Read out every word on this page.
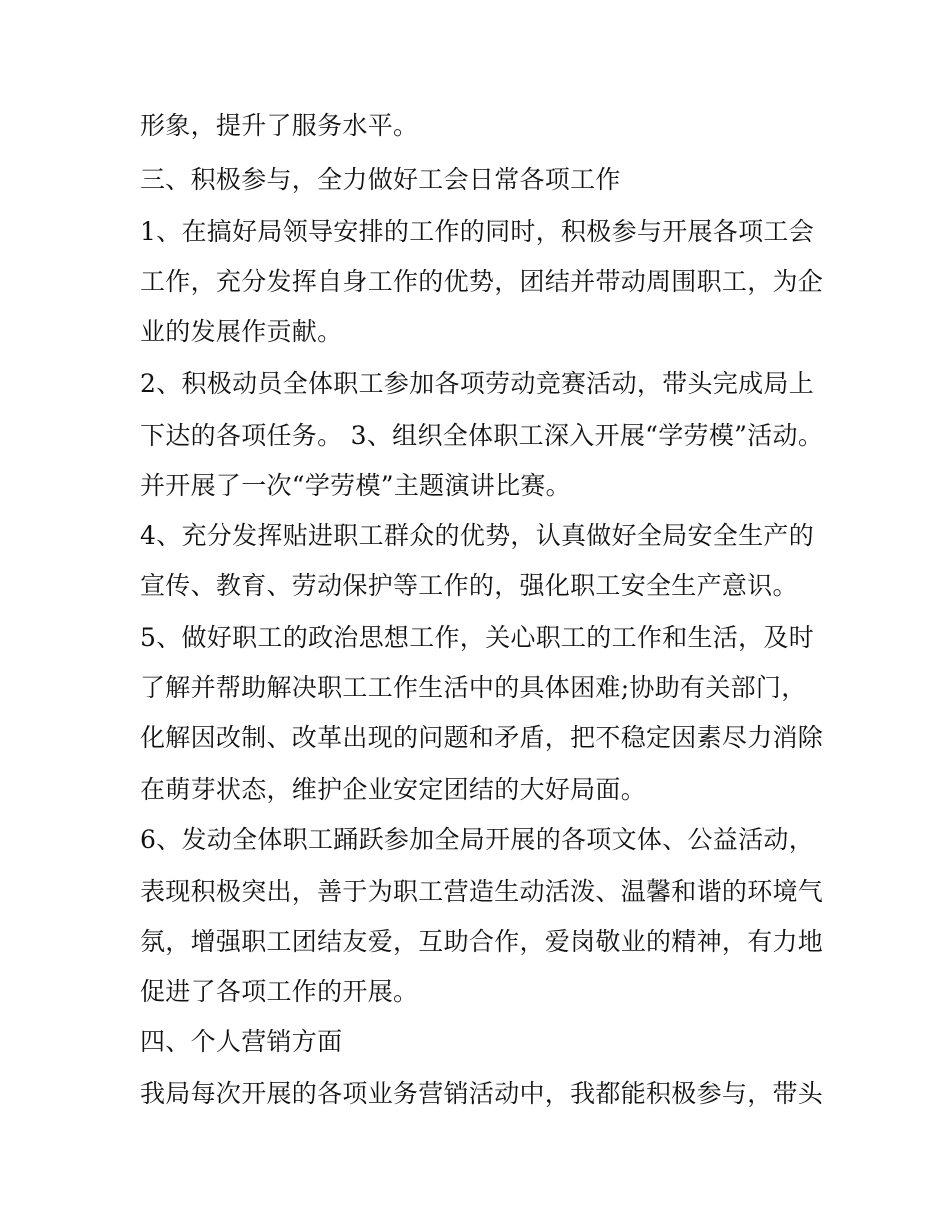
形象，提升了服务水平。
三、积极参与，全力做好工会日常各项工作
1、在搞好局领导安排的工作的同时，积极参与开展各项工会
工作，充分发挥自身工作的优势，团结并带动周围职工，为企
业的发展作贡献。
2、积极动员全体职工参加各项劳动竞赛活动，带头完成局上
下达的各项任务。 3、组织全体职工深入开展“学劳模”活动。
并开展了一次“学劳模”主题演讲比赛。
4、充分发挥贴进职工群众的优势，认真做好全局安全生产的
宣传、教育、劳动保护等工作的，强化职工安全生产意识。
5、做好职工的政治思想工作，关心职工的工作和生活，及时
了解并帮助解决职工工作生活中的具体困难;协助有关部门，
化解因改制、改革出现的问题和矛盾，把不稳定因素尽力消除
在萌芽状态，维护企业安定团结的大好局面。
6、发动全体职工踊跃参加全局开展的各项文体、公益活动，
表现积极突出，善于为职工营造生动活泼、温馨和谐的环境气
氛，增强职工团结友爱，互助合作，爱岗敬业的精神，有力地
促进了各项工作的开展。
四、个人营销方面
我局每次开展的各项业务营销活动中，我都能积极参与，带头
